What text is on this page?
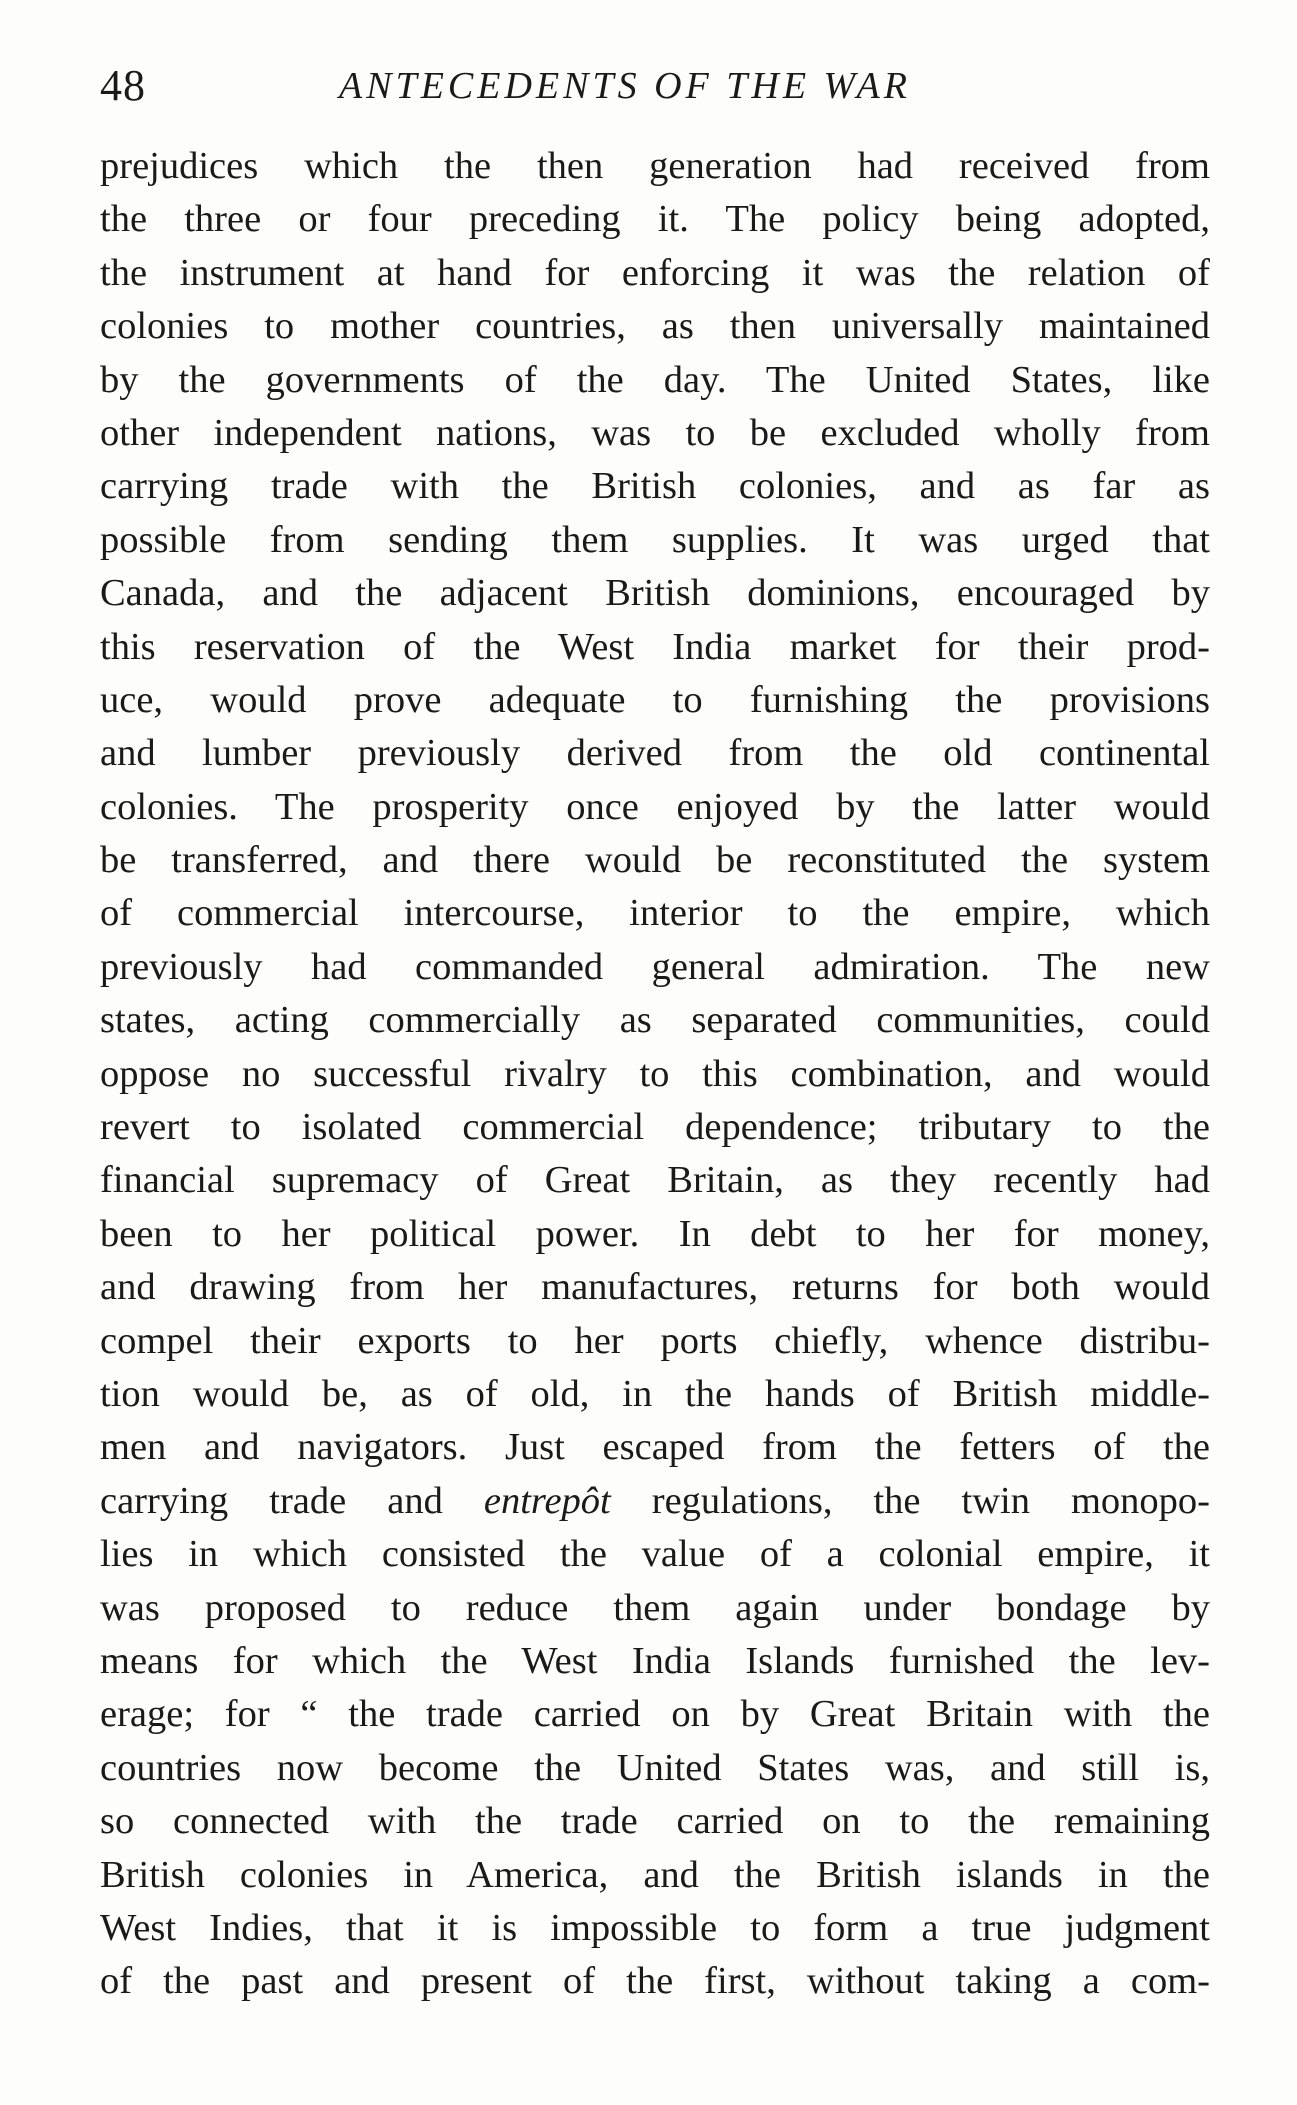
48	ANTECEDENTS OF THE WAR
prejudices which the then generation had received from
the three or four preceding it. The policy being adopted,
the instrument at hand for enforcing it was the relation of
colonies to mother countries, as then universally maintained
by the governments of the day. The United States, like
other independent nations, was to be excluded wholly from
carrying trade with the British colonies, and as far as
possible from sending them supplies. It was urged that
Canada, and the adjacent British dominions, encouraged by
this reservation of the West India market for their prod-
uce, would prove adequate to furnishing the provisions
and lumber previously derived from the old continental
colonies. The prosperity once enjoyed by the latter would
be transferred, and there would be reconstituted the system
of commercial intercourse, interior to the empire, which
previously had commanded general admiration. The new
states, acting commercially as separated communities, could
oppose no successful rivalry to this combination, and would
revert to isolated commercial dependence; tributary to the
financial supremacy of Great Britain, as they recently had
been to her political power. In debt to her for money,
and drawing from her manufactures, returns for both would
compel their exports to her ports chiefly, whence distribu-
tion would be, as of old, in the hands of British middle-
men and navigators. Just escaped from the fetters of the
carrying trade and entrepôt regulations, the twin monopo-
lies in which consisted the value of a colonial empire, it
was proposed to reduce them again under bondage by
means for which the West India Islands furnished the lev-
erage; for “ the trade carried on by Great Britain with the
countries now become the United States was, and still is,
so connected with the trade carried on to the remaining
British colonies in America, and the British islands in the
West Indies, that it is impossible to form a true judgment
of the past and present of the first, without taking a com-
